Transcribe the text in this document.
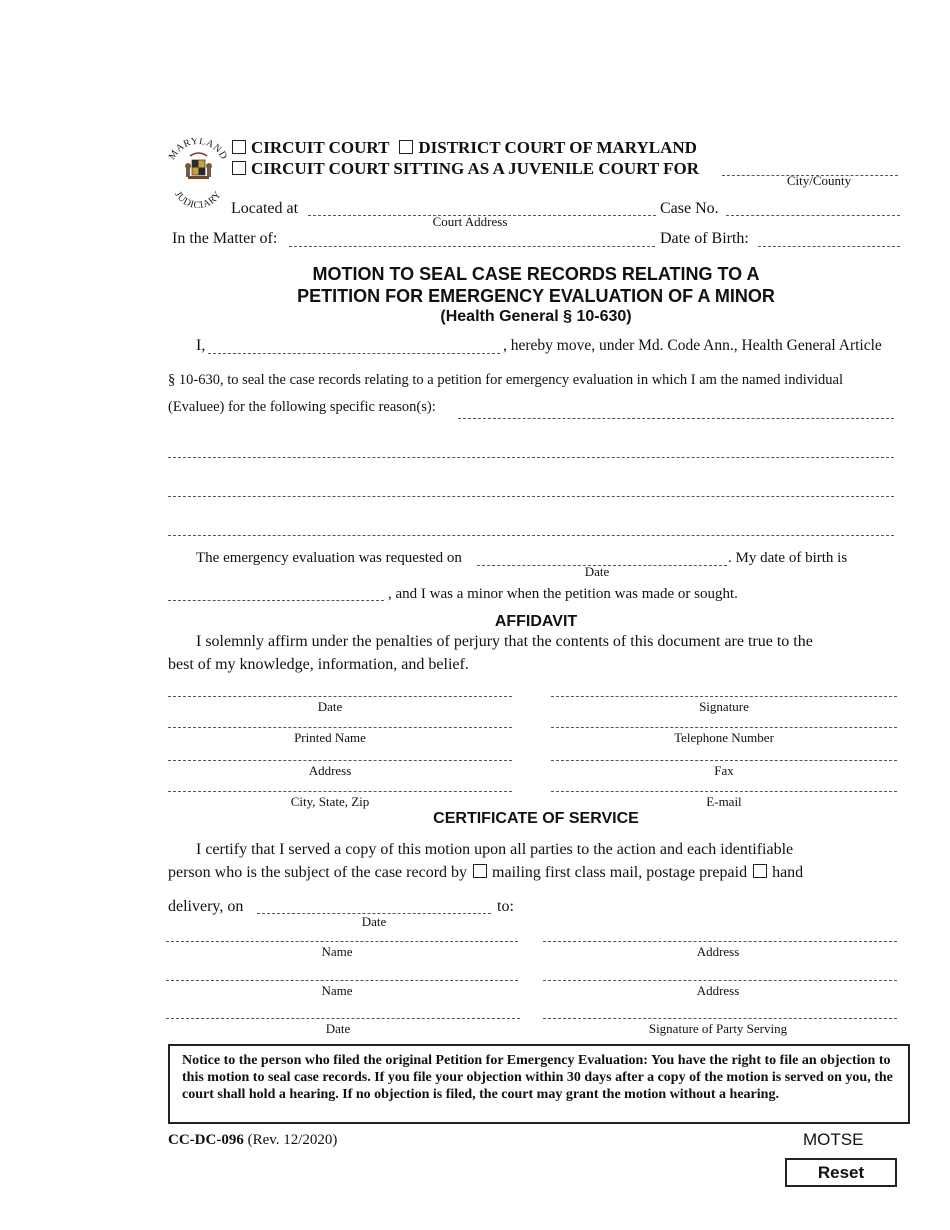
MARYLAND
JUDICIARY
CIRCUIT COURT DISTRICT COURT OF MARYLAND
CIRCUIT COURT SITTING AS A JUVENILE COURT FOR
City/County
Located at
Court Address
Case No.
In the Matter of:	Date of Birth:
MOTION TO SEAL CASE RECORDS RELATING TO A
PETITION FOR EMERGENCY EVALUATION OF A MINOR
(Health General § 10-630)
I,	, hereby move, under Md. Code Ann., Health General Article
§ 10-630, to seal the case records relating to a petition for emergency evaluation in which I am the named individual
(Evaluee) for the following specific reason(s):
The emergency evaluation was requested on	. My date of birth is
Date
, and I was a minor when the petition was made or sought.
AFFIDAVIT
I solemnly affirm under the penalties of perjury that the contents of this document are true to the
best of my knowledge, information, and belief.
Date	Signature
Printed Name	Telephone Number
Address	Fax
City, State, Zip	E-mail
CERTIFICATE OF SERVICE
I certify that I served a copy of this motion upon all parties to the action and each identifiable
person who is the subject of the case record by mailing first class mail, postage prepaid hand
delivery, on
Date
to:
Name	Address
Name	Address
Date	Signature of Party Serving
Notice to the person who filed the original Petition for Emergency Evaluation: You have the right to file an objection to this motion to seal case records. If you file your objection within 30 days after a copy of the motion is served on you, the court shall hold a hearing. If no objection is filed, the court may grant the motion without a hearing.
CC-DC-096 (Rev. 12/2020)	MOTSE
Reset
